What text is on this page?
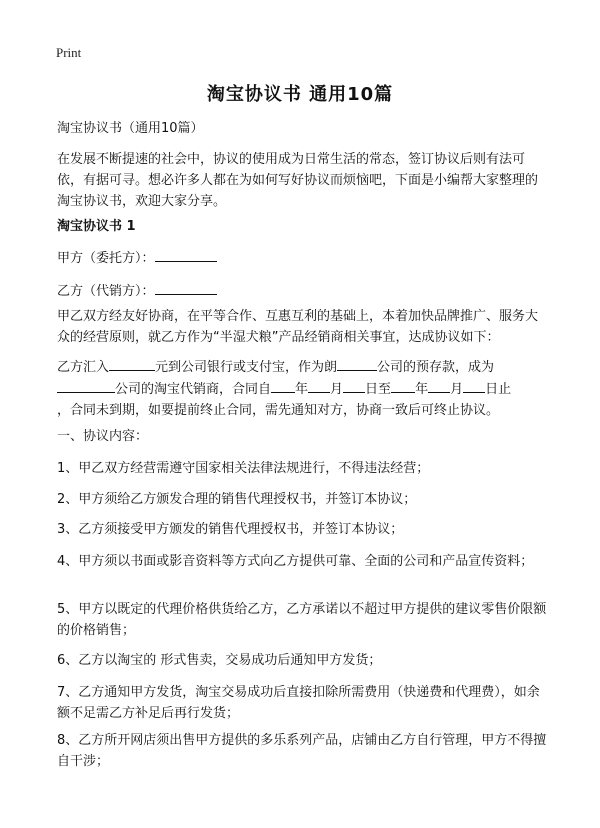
Print
淘宝协议书 通用10篇
淘宝协议书（通用10篇）
在发展不断提速的社会中，协议的使用成为日常生活的常态，签订协议后则有法可依，有据可寻。想必许多人都在为如何写好协议而烦恼吧，下面是小编帮大家整理的淘宝协议书，欢迎大家分享。
淘宝协议书 1
甲方（委托方）：
乙方（代销方）：
甲乙双方经友好协商，在平等合作、互惠互利的基础上，本着加快品牌推广、服务大众的经营原则，就乙方作为“半湿犬粮”产品经销商相关事宜，达成协议如下：
乙方汇入	元到公司银行或支付宝，作为朗	公司的预存款，成为
公司的淘宝代销商，合同自 年 月 日至 年 月 日止
，合同未到期，如要提前终止合同，需先通知对方，协商一致后可终止协议。
一、协议内容：
1、甲乙双方经营需遵守国家相关法律法规进行，不得违法经营；
2、甲方须给乙方颁发合理的销售代理授权书，并签订本协议；
3、乙方须接受甲方颁发的销售代理授权书，并签订本协议；
4、甲方须以书面或影音资料等方式向乙方提供可靠、全面的公司和产品宣传资料；
5、甲方以既定的代理价格供货给乙方，乙方承诺以不超过甲方提供的建议零售价限额的价格销售；
6、乙方以淘宝的 形式售卖，交易成功后通知甲方发货；
7、乙方通知甲方发货，淘宝交易成功后直接扣除所需费用（快递费和代理费），如余额不足需乙方补足后再行发货；
8、乙方所开网店须出售甲方提供的多乐系列产品，店铺由乙方自行管理，甲方不得擅自干涉；
